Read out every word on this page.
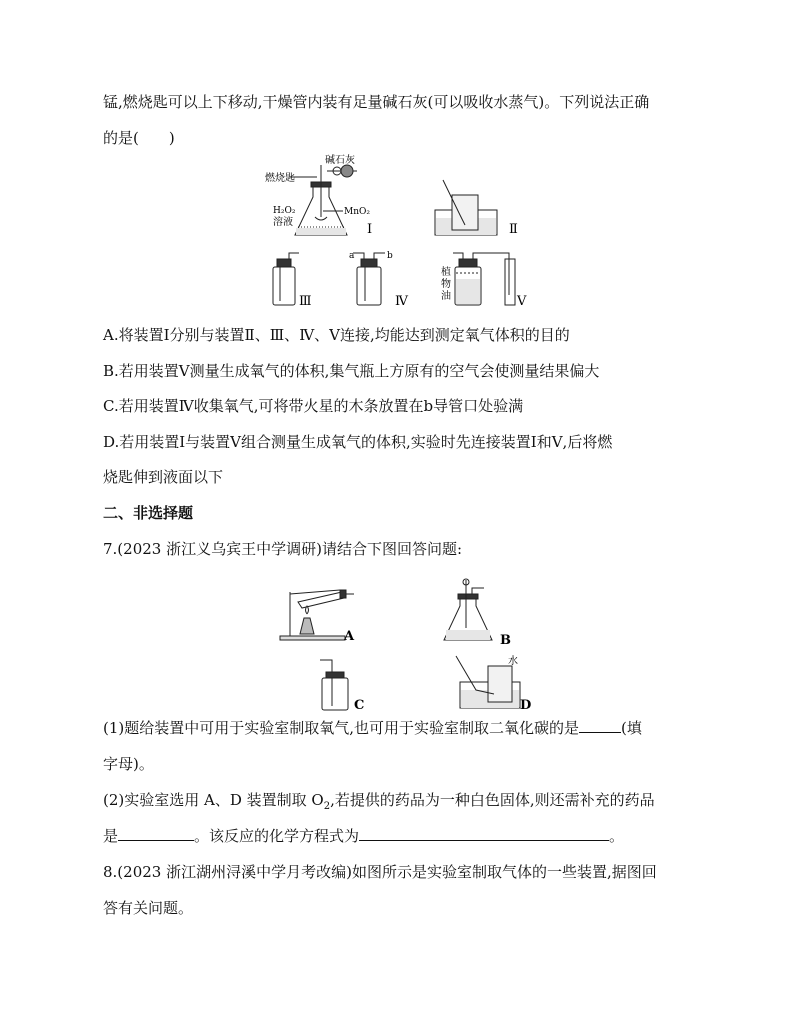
锰,燃烧匙可以上下移动,干燥管内装有足量碱石灰(可以吸收水蒸气)。下列说法正确
的是(　　)
碱石灰
燃烧匙
H₂O₂
溶液
MnO₂
Ⅰ	Ⅱ
Ⅲ
a	b
Ⅳ
植
物
油	Ⅴ
A.将装置Ⅰ分别与装置Ⅱ、Ⅲ、Ⅳ、Ⅴ连接,均能达到测定氧气体积的目的
B.若用装置Ⅴ测量生成氧气的体积,集气瓶上方原有的空气会使测量结果偏大
C.若用装置Ⅳ收集氧气,可将带火星的木条放置在b导管口处验满
D.若用装置Ⅰ与装置Ⅴ组合测量生成氧气的体积,实验时先连接装置Ⅰ和Ⅴ,后将燃
烧匙伸到液面以下
二、非选择题
7.(2023 浙江义乌宾王中学调研)请结合下图回答问题:
A	B
C
水
D
(1)题给装置中可用于实验室制取氧气,也可用于实验室制取二氧化碳的是	(填
字母)。
(2)实验室选用 A、D 装置制取 $O_2$,若提供的药品为一种白色固体,则还需补充的药品
是	。该反应的化学方程式为	。
8.(2023 浙江湖州浔溪中学月考改编)如图所示是实验室制取气体的一些装置,据图回
答有关问题。
